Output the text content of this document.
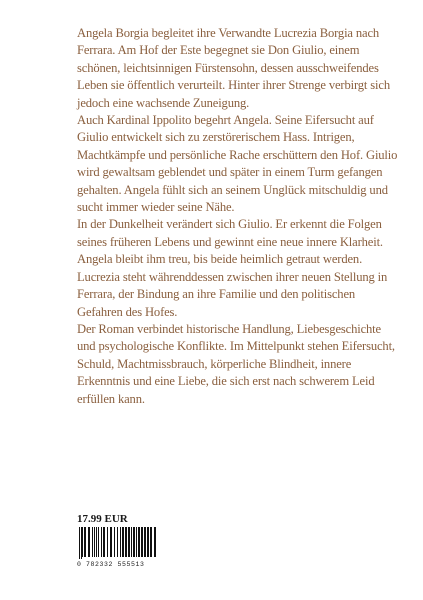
Angela Borgia begleitet ihre Verwandte Lucrezia Borgia nach Ferrara. Am Hof der Este begegnet sie Don Giulio, einem schönen, leichtsinnigen Fürstensohn, dessen ausschweifendes Leben sie öffentlich verurteilt. Hinter ihrer Strenge verbirgt sich jedoch eine wachsende Zuneigung.

Auch Kardinal Ippolito begehrt Angela. Seine Eifersucht auf Giulio entwickelt sich zu zerstörerischem Hass. Intrigen, Machtkämpfe und persönliche Rache erschüttern den Hof. Giulio wird gewaltsam geblendet und später in einem Turm gefangen gehalten. Angela fühlt sich an seinem Unglück mitschuldig und sucht immer wieder seine Nähe.

In der Dunkelheit verändert sich Giulio. Er erkennt die Folgen seines früheren Lebens und gewinnt eine neue innere Klarheit. Angela bleibt ihm treu, bis beide heimlich getraut werden. Lucrezia steht währenddessen zwischen ihrer neuen Stellung in Ferrara, der Bindung an ihre Familie und den politischen Gefahren des Hofes.

Der Roman verbindet historische Handlung, Liebesgeschichte und psychologische Konflikte. Im Mittelpunkt stehen Eifersucht, Schuld, Machtmissbrauch, körperliche Blindheit, innere Erkenntnis und eine Liebe, die sich erst nach schwerem Leid erfüllen kann.

17.99 EUR
0 782332 555513
